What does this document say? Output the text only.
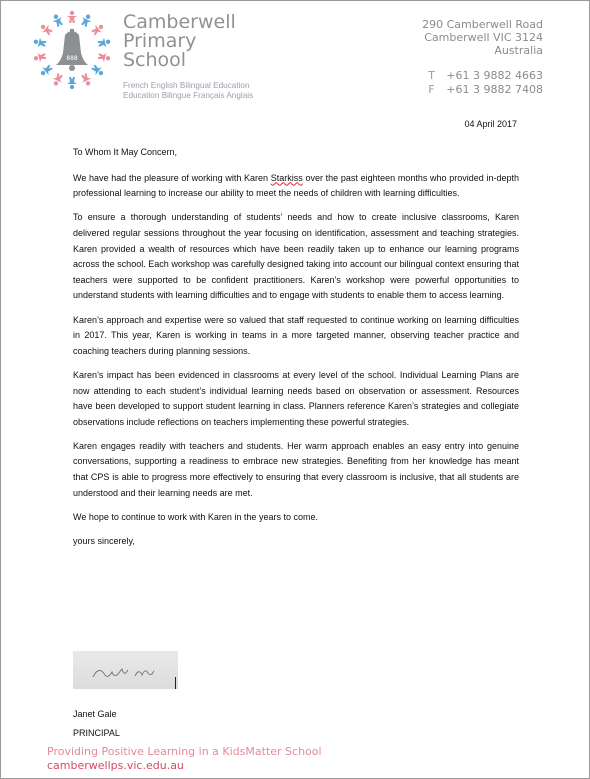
888
Camberwell
Primary
School
French English Bilingual Education
Education Bilingue Français Anglais
290 Camberwell Road
Camberwell VIC 3124
Australia
T	+61 3 9882 4663
F	+61 3 9882 7408
04 April 2017

To Whom It May Concern,

We have had the pleasure of working with Karen Starkiss over the past eighteen months who provided in-depth professional learning to increase our ability to meet the needs of children with learning difficulties.

To ensure a thorough understanding of students’ needs and how to create inclusive classrooms, Karen delivered regular sessions throughout the year focusing on identification, assessment and teaching strategies. Karen provided a wealth of resources which have been readily taken up to enhance our learning programs across the school. Each workshop was carefully designed taking into account our bilingual context ensuring that teachers were supported to be confident practitioners. Karen’s workshop were powerful opportunities to understand students with learning difficulties and to engage with students to enable them to access learning.

Karen’s approach and expertise were so valued that staff requested to continue working on learning difficulties in 2017. This year, Karen is working in teams in a more targeted manner, observing teacher practice and coaching teachers during planning sessions.

Karen’s impact has been evidenced in classrooms at every level of the school. Individual Learning Plans are now attending to each student’s individual learning needs based on observation or assessment. Resources have been developed to support student learning in class. Planners reference Karen’s strategies and collegiate observations include reflections on teachers implementing these powerful strategies.

Karen engages readily with teachers and students. Her warm approach enables an easy entry into genuine conversations, supporting a readiness to embrace new strategies. Benefiting from her knowledge has meant that CPS is able to progress more effectively to ensuring that every classroom is inclusive, that all students are understood and their learning needs are met.

We hope to continue to work with Karen in the years to come.

yours sincerely,

Janet Gale
PRINCIPAL
Providing Positive Learning in a KidsMatter School
camberwellps.vic.edu.au
